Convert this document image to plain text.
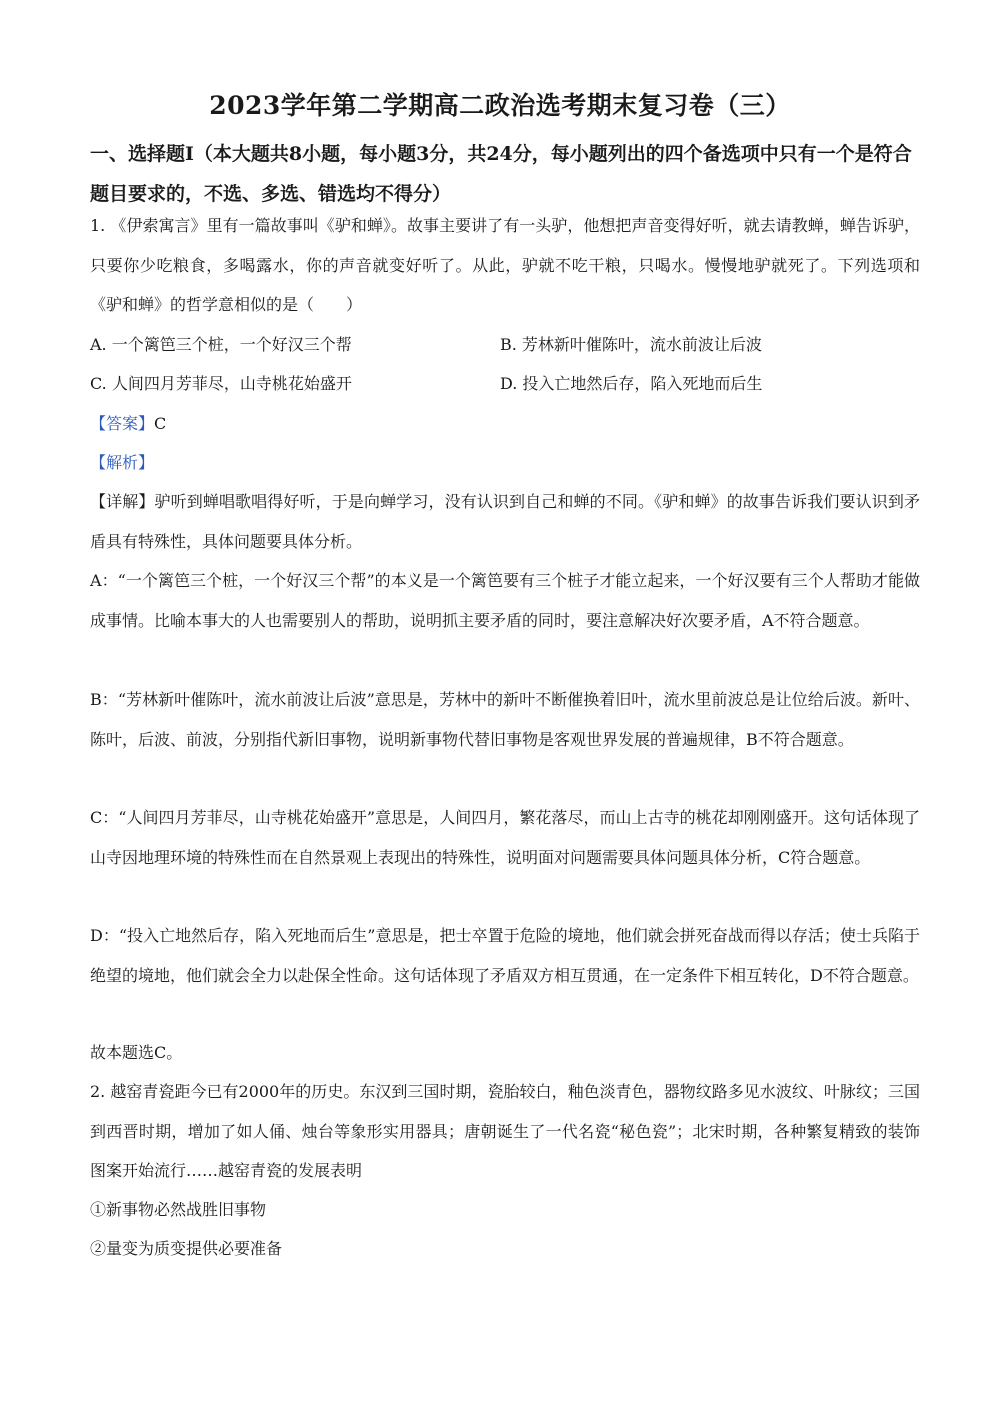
2023学年第二学期高二政治选考期末复习卷（三）

一、选择题Ⅰ（本大题共8小题，每小题3分，共24分，每小题列出的四个备选项中只有一个是符合题目要求的，不选、多选、错选均不得分）

1. 《伊索寓言》里有一篇故事叫《驴和蝉》。故事主要讲了有一头驴，他想把声音变得好听，就去请教蝉，蝉告诉驴，只要你少吃粮食，多喝露水，你的声音就变好听了。从此，驴就不吃干粮，只喝水。慢慢地驴就死了。下列选项和《驴和蝉》的哲学意相似的是（　　）

A. 一个篱笆三个桩，一个好汉三个帮	B. 芳林新叶催陈叶，流水前波让后波

C. 人间四月芳菲尽，山寺桃花始盛开	D. 投入亡地然后存，陷入死地而后生

【答案】C

【解析】

【详解】驴听到蝉唱歌唱得好听，于是向蝉学习，没有认识到自己和蝉的不同。《驴和蝉》的故事告诉我们要认识到矛盾具有特殊性，具体问题要具体分析。

A：“一个篱笆三个桩，一个好汉三个帮”的本义是一个篱笆要有三个桩子才能立起来，一个好汉要有三个人帮助才能做成事情。比喻本事大的人也需要别人的帮助，说明抓主要矛盾的同时，要注意解决好次要矛盾，A不符合题意。

B：“芳林新叶催陈叶，流水前波让后波”意思是，芳林中的新叶不断催换着旧叶，流水里前波总是让位给后波。新叶、陈叶，后波、前波，分别指代新旧事物，说明新事物代替旧事物是客观世界发展的普遍规律，B不符合题意。

C：“人间四月芳菲尽，山寺桃花始盛开”意思是，人间四月，繁花落尽，而山上古寺的桃花却刚刚盛开。这句话体现了山寺因地理环境的特殊性而在自然景观上表现出的特殊性，说明面对问题需要具体问题具体分析，C符合题意。

D：“投入亡地然后存，陷入死地而后生”意思是，把士卒置于危险的境地，他们就会拼死奋战而得以存活；使士兵陷于绝望的境地，他们就会全力以赴保全性命。这句话体现了矛盾双方相互贯通，在一定条件下相互转化，D不符合题意。

故本题选C。

2. 越窑青瓷距今已有2000年的历史。东汉到三国时期，瓷胎较白，釉色淡青色，器物纹路多见水波纹、叶脉纹；三国到西晋时期，增加了如人俑、烛台等象形实用器具；唐朝诞生了一代名瓷“秘色瓷”；北宋时期，各种繁复精致的装饰图案开始流行……越窑青瓷的发展表明

①新事物必然战胜旧事物

②量变为质变提供必要准备
